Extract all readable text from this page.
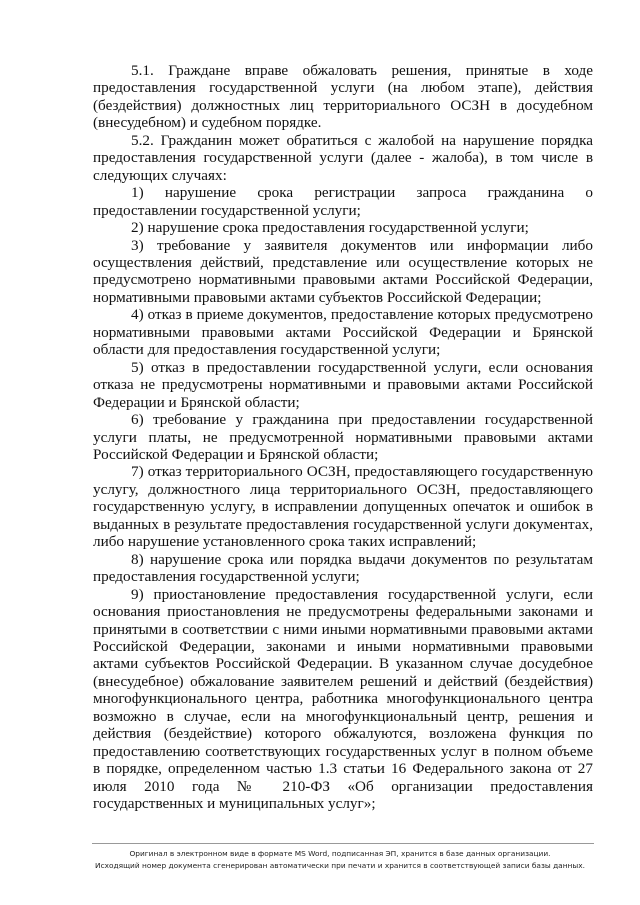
5.1. Граждане вправе обжаловать решения, принятые в ходе предоставления государственной услуги (на любом этапе), действия (бездействия) должностных лиц территориального ОСЗН в досудебном (внесудебном) и судебном порядке.

5.2. Гражданин может обратиться с жалобой на нарушение порядка предоставления государственной услуги (далее - жалоба), в том числе в следующих случаях:

1) нарушение срока регистрации запроса гражданина о предоставлении государственной услуги;

2) нарушение срока предоставления государственной услуги;

3) требование у заявителя документов или информации либо осуществления действий, представление или осуществление которых не предусмотрено нормативными правовыми актами Российской Федерации, нормативными правовыми актами субъектов Российской Федерации;

4) отказ в приеме документов, предоставление которых предусмотрено нормативными правовыми актами Российской Федерации и Брянской области для предоставления государственной услуги;

5) отказ в предоставлении государственной услуги, если основания отказа не предусмотрены нормативными и правовыми актами Российской Федерации и Брянской области;

6) требование у гражданина при предоставлении государственной услуги платы, не предусмотренной нормативными правовыми актами Российской Федерации и Брянской области;

7) отказ территориального ОСЗН, предоставляющего государственную услугу, должностного лица территориального ОСЗН, предоставляющего государственную услугу, в исправлении допущенных опечаток и ошибок в выданных в результате предоставления государственной услуги документах, либо нарушение установленного срока таких исправлений;

8) нарушение срока или порядка выдачи документов по результатам предоставления государственной услуги;

9) приостановление предоставления государственной услуги, если основания приостановления не предусмотрены федеральными законами и принятыми в соответствии с ними иными нормативными правовыми актами Российской Федерации, законами и иными нормативными правовыми актами субъектов Российской Федерации. В указанном случае досудебное (внесудебное) обжалование заявителем решений и действий (бездействия) многофункционального центра, работника многофункционального центра возможно в случае, если на многофункциональный центр, решения и действия (бездействие) которого обжалуются, возложена функция по предоставлению соответствующих государственных услуг в полном объеме в порядке, определенном частью 1.3 статьи 16 Федерального закона от 27 июля 2010 года № 210-ФЗ «Об организации предоставления государственных и муниципальных услуг»;

Оригинал в электронном виде в формате MS Word, подписанная ЭП, хранится в базе данных организации.
Исходящий номер документа сгенерирован автоматически при печати и хранится в соответствующей записи базы данных.
